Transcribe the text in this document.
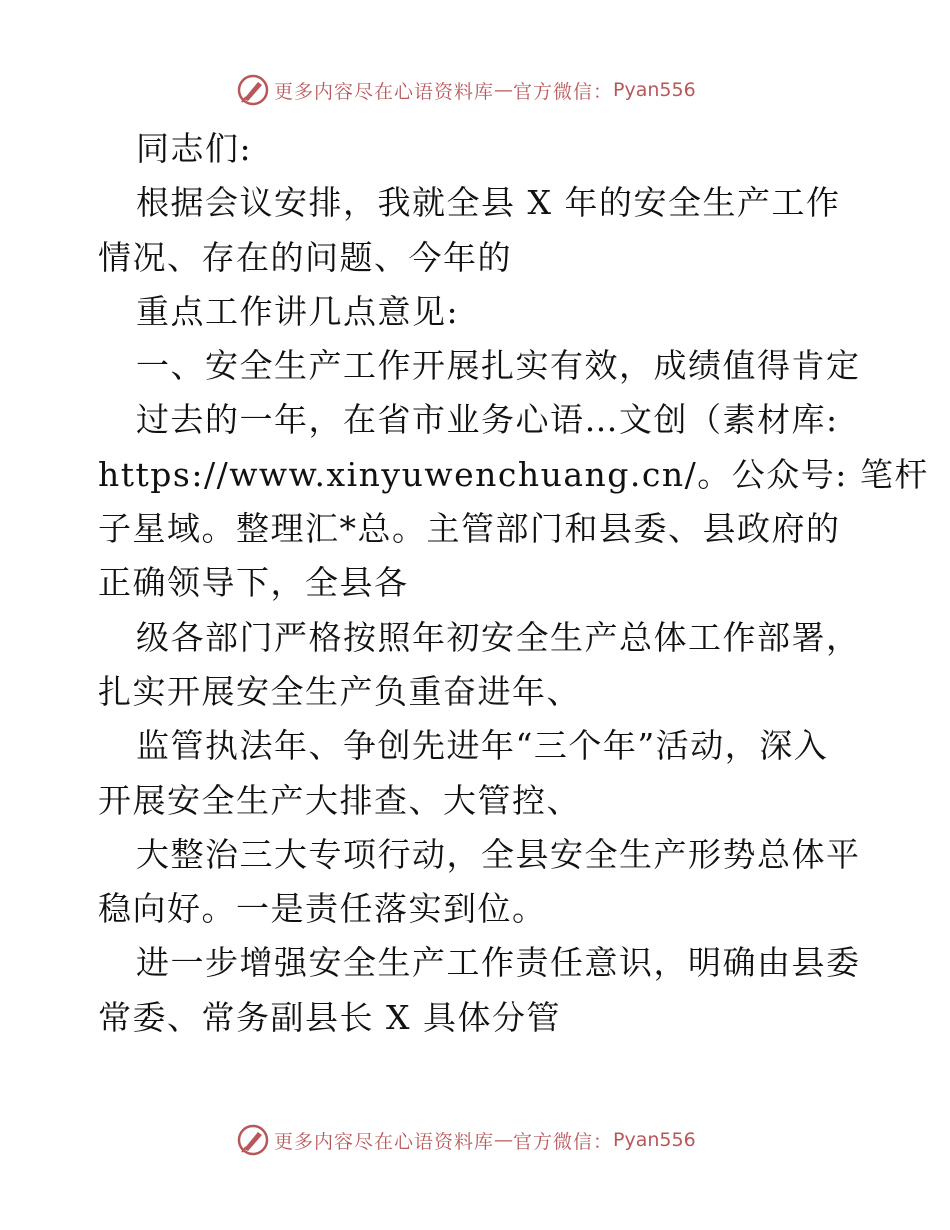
更多内容尽在心语资料库 — 官方微信： Pyan556

同志们:

根据会议安排，我就全县 X 年的安全生产工作

情况、存在的问题、今年的

重点工作讲几点意见:

一、安全生产工作开展扎实有效，成绩值得肯定

过去的一年，在省市业务心语…文创（素材库:

https://www.xinyuwenchuang.cn/。公众号: 笔杆

子星域。整理汇*总。主管部门和县委、县政府的

正确领导下，全县各

级各部门严格按照年初安全生产总体工作部署，

扎实开展安全生产负重奋进年、

监管执法年、争创先进年“三个年”活动，深入

开展安全生产大排查、大管控、

大整治三大专项行动，全县安全生产形势总体平

稳向好。一是责任落实到位。

进一步增强安全生产工作责任意识，明确由县委

常委、常务副县长 X 具体分管

更多内容尽在心语资料库 — 官方微信： Pyan556
